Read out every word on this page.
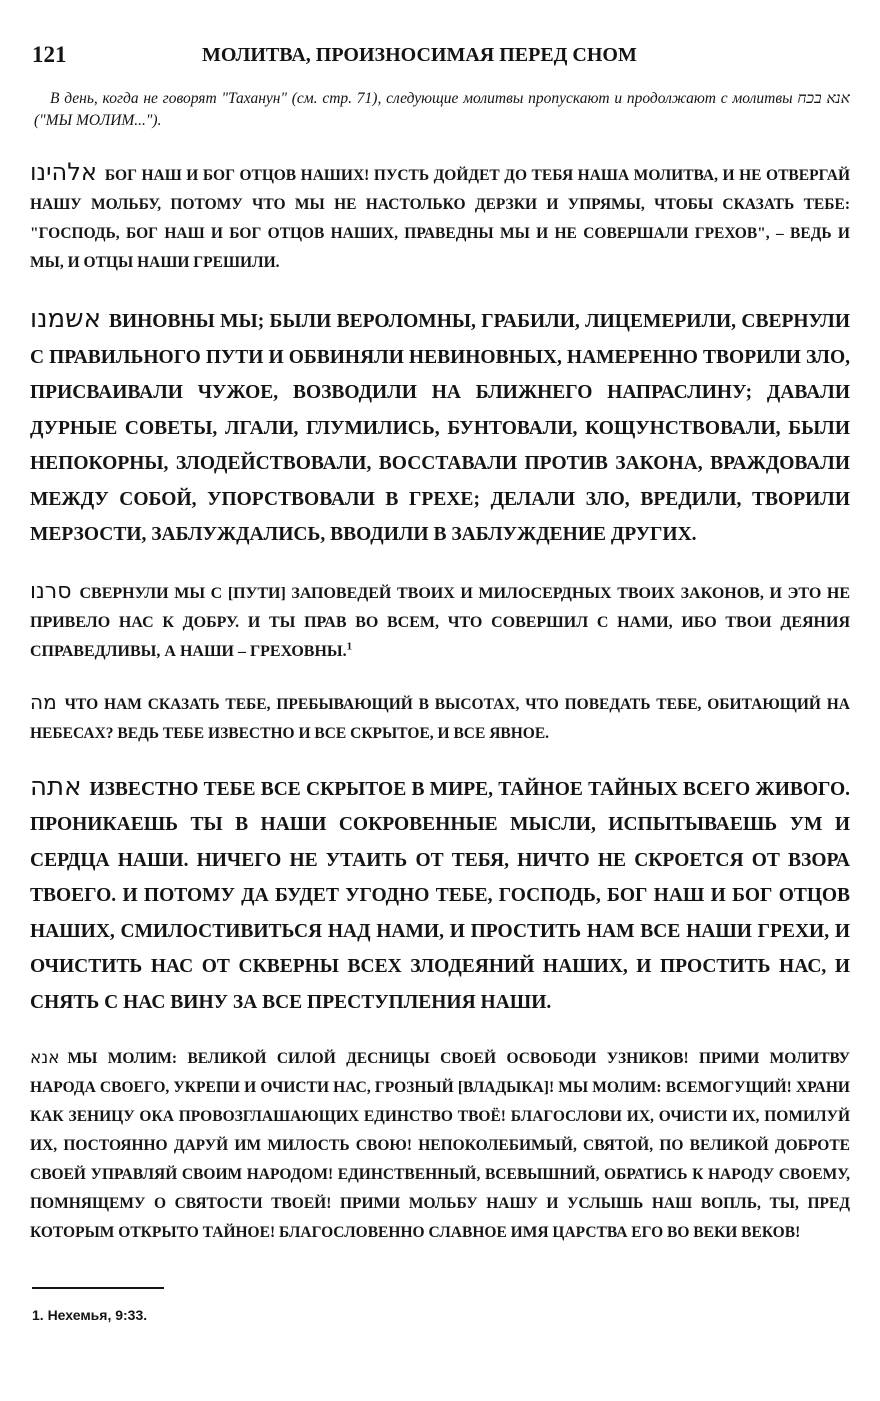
121	МОЛИТВА, ПРОИЗНОСИМАЯ ПЕРЕД СНОМ

В день, когда не говорят "Таханун" (см. стр. 71), следующие молитвы пропускают и продолжают с молитвы אנא בכח ("МЫ МОЛИМ...").

אלהינו БОГ НАШ И БОГ ОТЦОВ НАШИХ! ПУСТЬ ДОЙДЕТ ДО ТЕБЯ НАША МОЛИТВА, И НЕ ОТВЕРГАЙ НАШУ МОЛЬБУ, ПОТОМУ ЧТО МЫ НЕ НАСТОЛЬКО ДЕРЗКИ И УПРЯМЫ, ЧТОБЫ СКАЗАТЬ ТЕБЕ: "ГОСПОДЬ, БОГ НАШ И БОГ ОТЦОВ НАШИХ, ПРАВЕДНЫ МЫ И НЕ СОВЕРШАЛИ ГРЕХОВ", – ВЕДЬ И МЫ, И ОТЦЫ НАШИ ГРЕШИЛИ.

אשמנו ВИНОВНЫ МЫ; БЫЛИ ВЕРОЛОМНЫ, ГРАБИЛИ, ЛИЦЕМЕРИЛИ, СВЕРНУЛИ С ПРАВИЛЬНОГО ПУТИ И ОБВИНЯЛИ НЕВИНОВНЫХ, НАМЕРЕННО ТВОРИЛИ ЗЛО, ПРИСВАИВАЛИ ЧУЖОЕ, ВОЗВОДИЛИ НА БЛИЖНЕГО НАПРАСЛИНУ; ДАВАЛИ ДУРНЫЕ СОВЕТЫ, ЛГАЛИ, ГЛУМИЛИСЬ, БУНТОВАЛИ, КОЩУНСТВОВАЛИ, БЫЛИ НЕПОКОРНЫ, ЗЛОДЕЙСТВОВАЛИ, ВОССТАВАЛИ ПРОТИВ ЗАКОНА, ВРАЖДОВАЛИ МЕЖДУ СОБОЙ, УПОРСТВОВАЛИ В ГРЕХЕ; ДЕЛАЛИ ЗЛО, ВРЕДИЛИ, ТВОРИЛИ МЕРЗОСТИ, ЗАБЛУЖДАЛИСЬ, ВВОДИЛИ В ЗАБЛУЖДЕНИЕ ДРУГИХ.

סרנו СВЕРНУЛИ МЫ С [ПУТИ] ЗАПОВЕДЕЙ ТВОИХ И МИЛОСЕРДНЫХ ТВОИХ ЗАКОНОВ, И ЭТО НЕ ПРИВЕЛО НАС К ДОБРУ. И ТЫ ПРАВ ВО ВСЕМ, ЧТО СОВЕРШИЛ С НАМИ, ИБО ТВОИ ДЕЯНИЯ СПРАВЕДЛИВЫ, А НАШИ – ГРЕХОВНЫ.$^1$

מה ЧТО НАМ СКАЗАТЬ ТЕБЕ, ПРЕБЫВАЮЩИЙ В ВЫСОТАХ, ЧТО ПОВЕДАТЬ ТЕБЕ, ОБИТАЮЩИЙ НА НЕБЕСАХ? ВЕДЬ ТЕБЕ ИЗВЕСТНО И ВСЕ СКРЫТОЕ, И ВСЕ ЯВНОЕ.

אתה ИЗВЕСТНО ТЕБЕ ВСЕ СКРЫТОЕ В МИРЕ, ТАЙНОЕ ТАЙНЫХ ВСЕГО ЖИВОГО. ПРОНИКАЕШЬ ТЫ В НАШИ СОКРОВЕННЫЕ МЫСЛИ, ИСПЫТЫВАЕШЬ УМ И СЕРДЦА НАШИ. НИЧЕГО НЕ УТАИТЬ ОТ ТЕБЯ, НИЧТО НЕ СКРОЕТСЯ ОТ ВЗОРА ТВОЕГО. И ПОТОМУ ДА БУДЕТ УГОДНО ТЕБЕ, ГОСПОДЬ, БОГ НАШ И БОГ ОТЦОВ НАШИХ, СМИЛОСТИВИТЬСЯ НАД НАМИ, И ПРОСТИТЬ НАМ ВСЕ НАШИ ГРЕХИ, И ОЧИСТИТЬ НАС ОТ СКВЕРНЫ ВСЕХ ЗЛОДЕЯНИЙ НАШИХ, И ПРОСТИТЬ НАС, И СНЯТЬ С НАС ВИНУ ЗА ВСЕ ПРЕСТУПЛЕНИЯ НАШИ.

אנא МЫ МОЛИМ: ВЕЛИКОЙ СИЛОЙ ДЕСНИЦЫ СВОЕЙ ОСВОБОДИ УЗНИКОВ! ПРИМИ МОЛИТВУ НАРОДА СВОЕГО, УКРЕПИ И ОЧИСТИ НАС, ГРОЗНЫЙ [ВЛАДЫКА]! МЫ МОЛИМ: ВСЕМОГУЩИЙ! ХРАНИ КАК ЗЕНИЦУ ОКА ПРОВОЗГЛАШАЮЩИХ ЕДИНСТВО ТВОЁ! БЛАГОСЛОВИ ИХ, ОЧИСТИ ИХ, ПОМИЛУЙ ИХ, ПОСТОЯННО ДАРУЙ ИМ МИЛОСТЬ СВОЮ! НЕПОКОЛЕБИМЫЙ, СВЯТОЙ, ПО ВЕЛИКОЙ ДОБРОТЕ СВОЕЙ УПРАВЛЯЙ СВОИМ НАРОДОМ! ЕДИНСТВЕННЫЙ, ВСЕВЫШНИЙ, ОБРАТИСЬ К НАРОДУ СВОЕМУ, ПОМНЯЩЕМУ О СВЯТОСТИ ТВОЕЙ! ПРИМИ МОЛЬБУ НАШУ И УСЛЫШЬ НАШ ВОПЛЬ, ТЫ, ПРЕД КОТОРЫМ ОТКРЫТО ТАЙНОЕ! БЛАГОСЛОВЕННО СЛАВНОЕ ИМЯ ЦАРСТВА ЕГО ВО ВЕКИ ВЕКОВ!

1. Нехемья, 9:33.
